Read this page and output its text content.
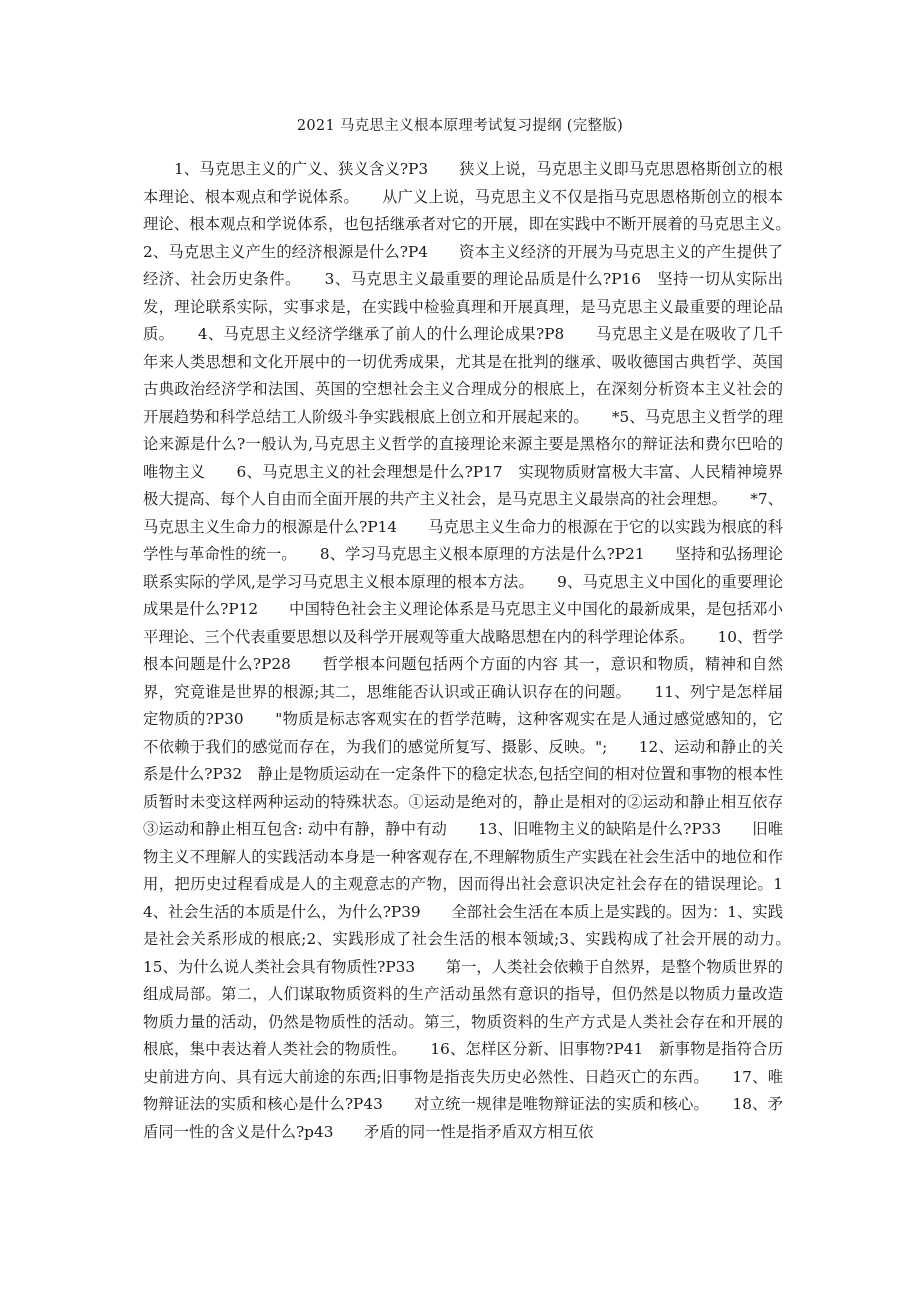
2021 马克思主义根本原理考试复习提纲 (完整版)
1、马克思主义的广义、狭义含义?P3　　狭义上说，马克思主义即马克思恩格斯创立的根本理论、根本观点和学说体系。　　从广义上说，马克思主义不仅是指马克思恩格斯创立的根本理论、根本观点和学说体系，也包括继承者对它的开展，即在实践中不断开展着的马克思主义。　　2、马克思主义产生的经济根源是什么?P4　　资本主义经济的开展为马克思主义的产生提供了经济、社会历史条件。　　3、马克思主义最重要的理论品质是什么?P16　坚持一切从实际出发，理论联系实际，实事求是，在实践中检验真理和开展真理，是马克思主义最重要的理论品质。　　4、马克思主义经济学继承了前人的什么理论成果?P8　　马克思主义是在吸收了几千年来人类思想和文化开展中的一切优秀成果，尤其是在批判的继承、吸收德国古典哲学、英国古典政治经济学和法国、英国的空想社会主义合理成分的根底上，在深刻分析资本主义社会的开展趋势和科学总结工人阶级斗争实践根底上创立和开展起来的。　　*5、马克思主义哲学的理论来源是什么?一般认为,马克思主义哲学的直接理论来源主要是黑格尔的辩证法和费尔巴哈的唯物主义　　6、马克思主义的社会理想是什么?P17　实现物质财富极大丰富、人民精神境界极大提高、每个人自由而全面开展的共产主义社会，是马克思主义最崇高的社会理想。　　*7、马克思主义生命力的根源是什么?P14　　马克思主义生命力的根源在于它的以实践为根底的科学性与革命性的统一。　　8、学习马克思主义根本原理的方法是什么?P21　　坚持和弘扬理论联系实际的学风,是学习马克思主义根本原理的根本方法。　　9、马克思主义中国化的重要理论成果是什么?P12　　中国特色社会主义理论体系是马克思主义中国化的最新成果，是包括邓小平理论、三个代表重要思想以及科学开展观等重大战略思想在内的科学理论体系。　　10、哲学根本问题是什么?P28　　哲学根本问题包括两个方面的内容 其一，意识和物质，精神和自然界，究竟谁是世界的根源;其二，思维能否认识或正确认识存在的问题。　　11、列宁是怎样届定物质的?P30　　"物质是标志客观实在的哲学范畴，这种客观实在是人通过感觉感知的，它不依赖于我们的感觉而存在，为我们的感觉所复写、摄影、反映。";　　12、运动和静止的关系是什么?P32　静止是物质运动在一定条件下的稳定状态,包括空间的相对位置和事物的根本性质暂时未变这样两种运动的特殊状态。①运动是绝对的，静止是相对的②运动和静止相互依存③运动和静止相互包含: 动中有静，静中有动　　13、旧唯物主义的缺陷是什么?P33　　旧唯物主义不理解人的实践活动本身是一种客观存在,不理解物质生产实践在社会生活中的地位和作用，把历史过程看成是人的主观意志的产物，因而得出社会意识决定社会存在的错误理论。14、社会生活的本质是什么，为什么?P39　　全部社会生活在本质上是实践的。因为：1、实践是社会关系形成的根底;2、实践形成了社会生活的根本领域;3、实践构成了社会开展的动力。　　15、为什么说人类社会具有物质性?P33　　第一，人类社会依赖于自然界，是整个物质世界的组成局部。第二，人们谋取物质资料的生产活动虽然有意识的指导，但仍然是以物质力量改造物质力量的活动，仍然是物质性的活动。第三，物质资料的生产方式是人类社会存在和开展的根底，集中表达着人类社会的物质性。　　16、怎样区分新、旧事物?P41　新事物是指符合历史前进方向、具有远大前途的东西;旧事物是指丧失历史必然性、日趋灭亡的东西。　　17、唯物辩证法的实质和核心是什么?P43　　对立统一规律是唯物辩证法的实质和核心。　　18、矛盾同一性的含义是什么?p43　　矛盾的同一性是指矛盾双方相互依
